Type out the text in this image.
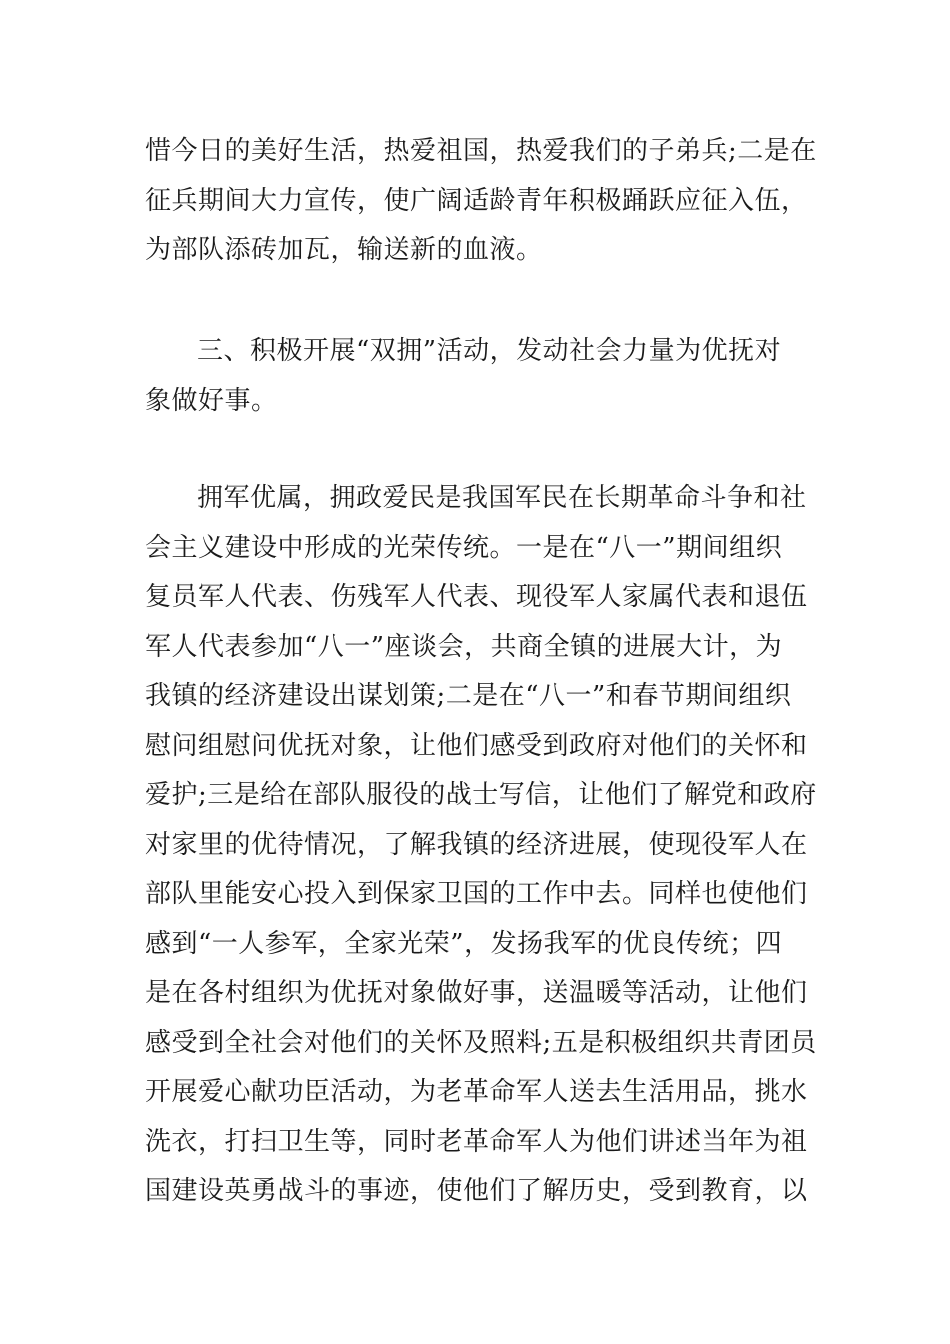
惜今日的美好生活，热爱祖国，热爱我们的子弟兵;二是在
征兵期间大力宣传，使广阔适龄青年积极踊跃应征入伍，
为部队添砖加瓦，输送新的血液。
三、积极开展“双拥”活动，发动社会力量为优抚对
象做好事。
拥军优属，拥政爱民是我国军民在长期革命斗争和社
会主义建设中形成的光荣传统。一是在“八一”期间组织
复员军人代表、伤残军人代表、现役军人家属代表和退伍
军人代表参加“八一”座谈会，共商全镇的进展大计，为
我镇的经济建设出谋划策;二是在“八一”和春节期间组织
慰问组慰问优抚对象，让他们感受到政府对他们的关怀和
爱护;三是给在部队服役的战士写信，让他们了解党和政府
对家里的优待情况，了解我镇的经济进展，使现役军人在
部队里能安心投入到保家卫国的工作中去。同样也使他们
感到“一人参军，全家光荣”，发扬我军的优良传统；四
是在各村组织为优抚对象做好事，送温暖等活动，让他们
感受到全社会对他们的关怀及照料;五是积极组织共青团员
开展爱心献功臣活动，为老革命军人送去生活用品，挑水
洗衣，打扫卫生等，同时老革命军人为他们讲述当年为祖
国建设英勇战斗的事迹，使他们了解历史，受到教育，以
